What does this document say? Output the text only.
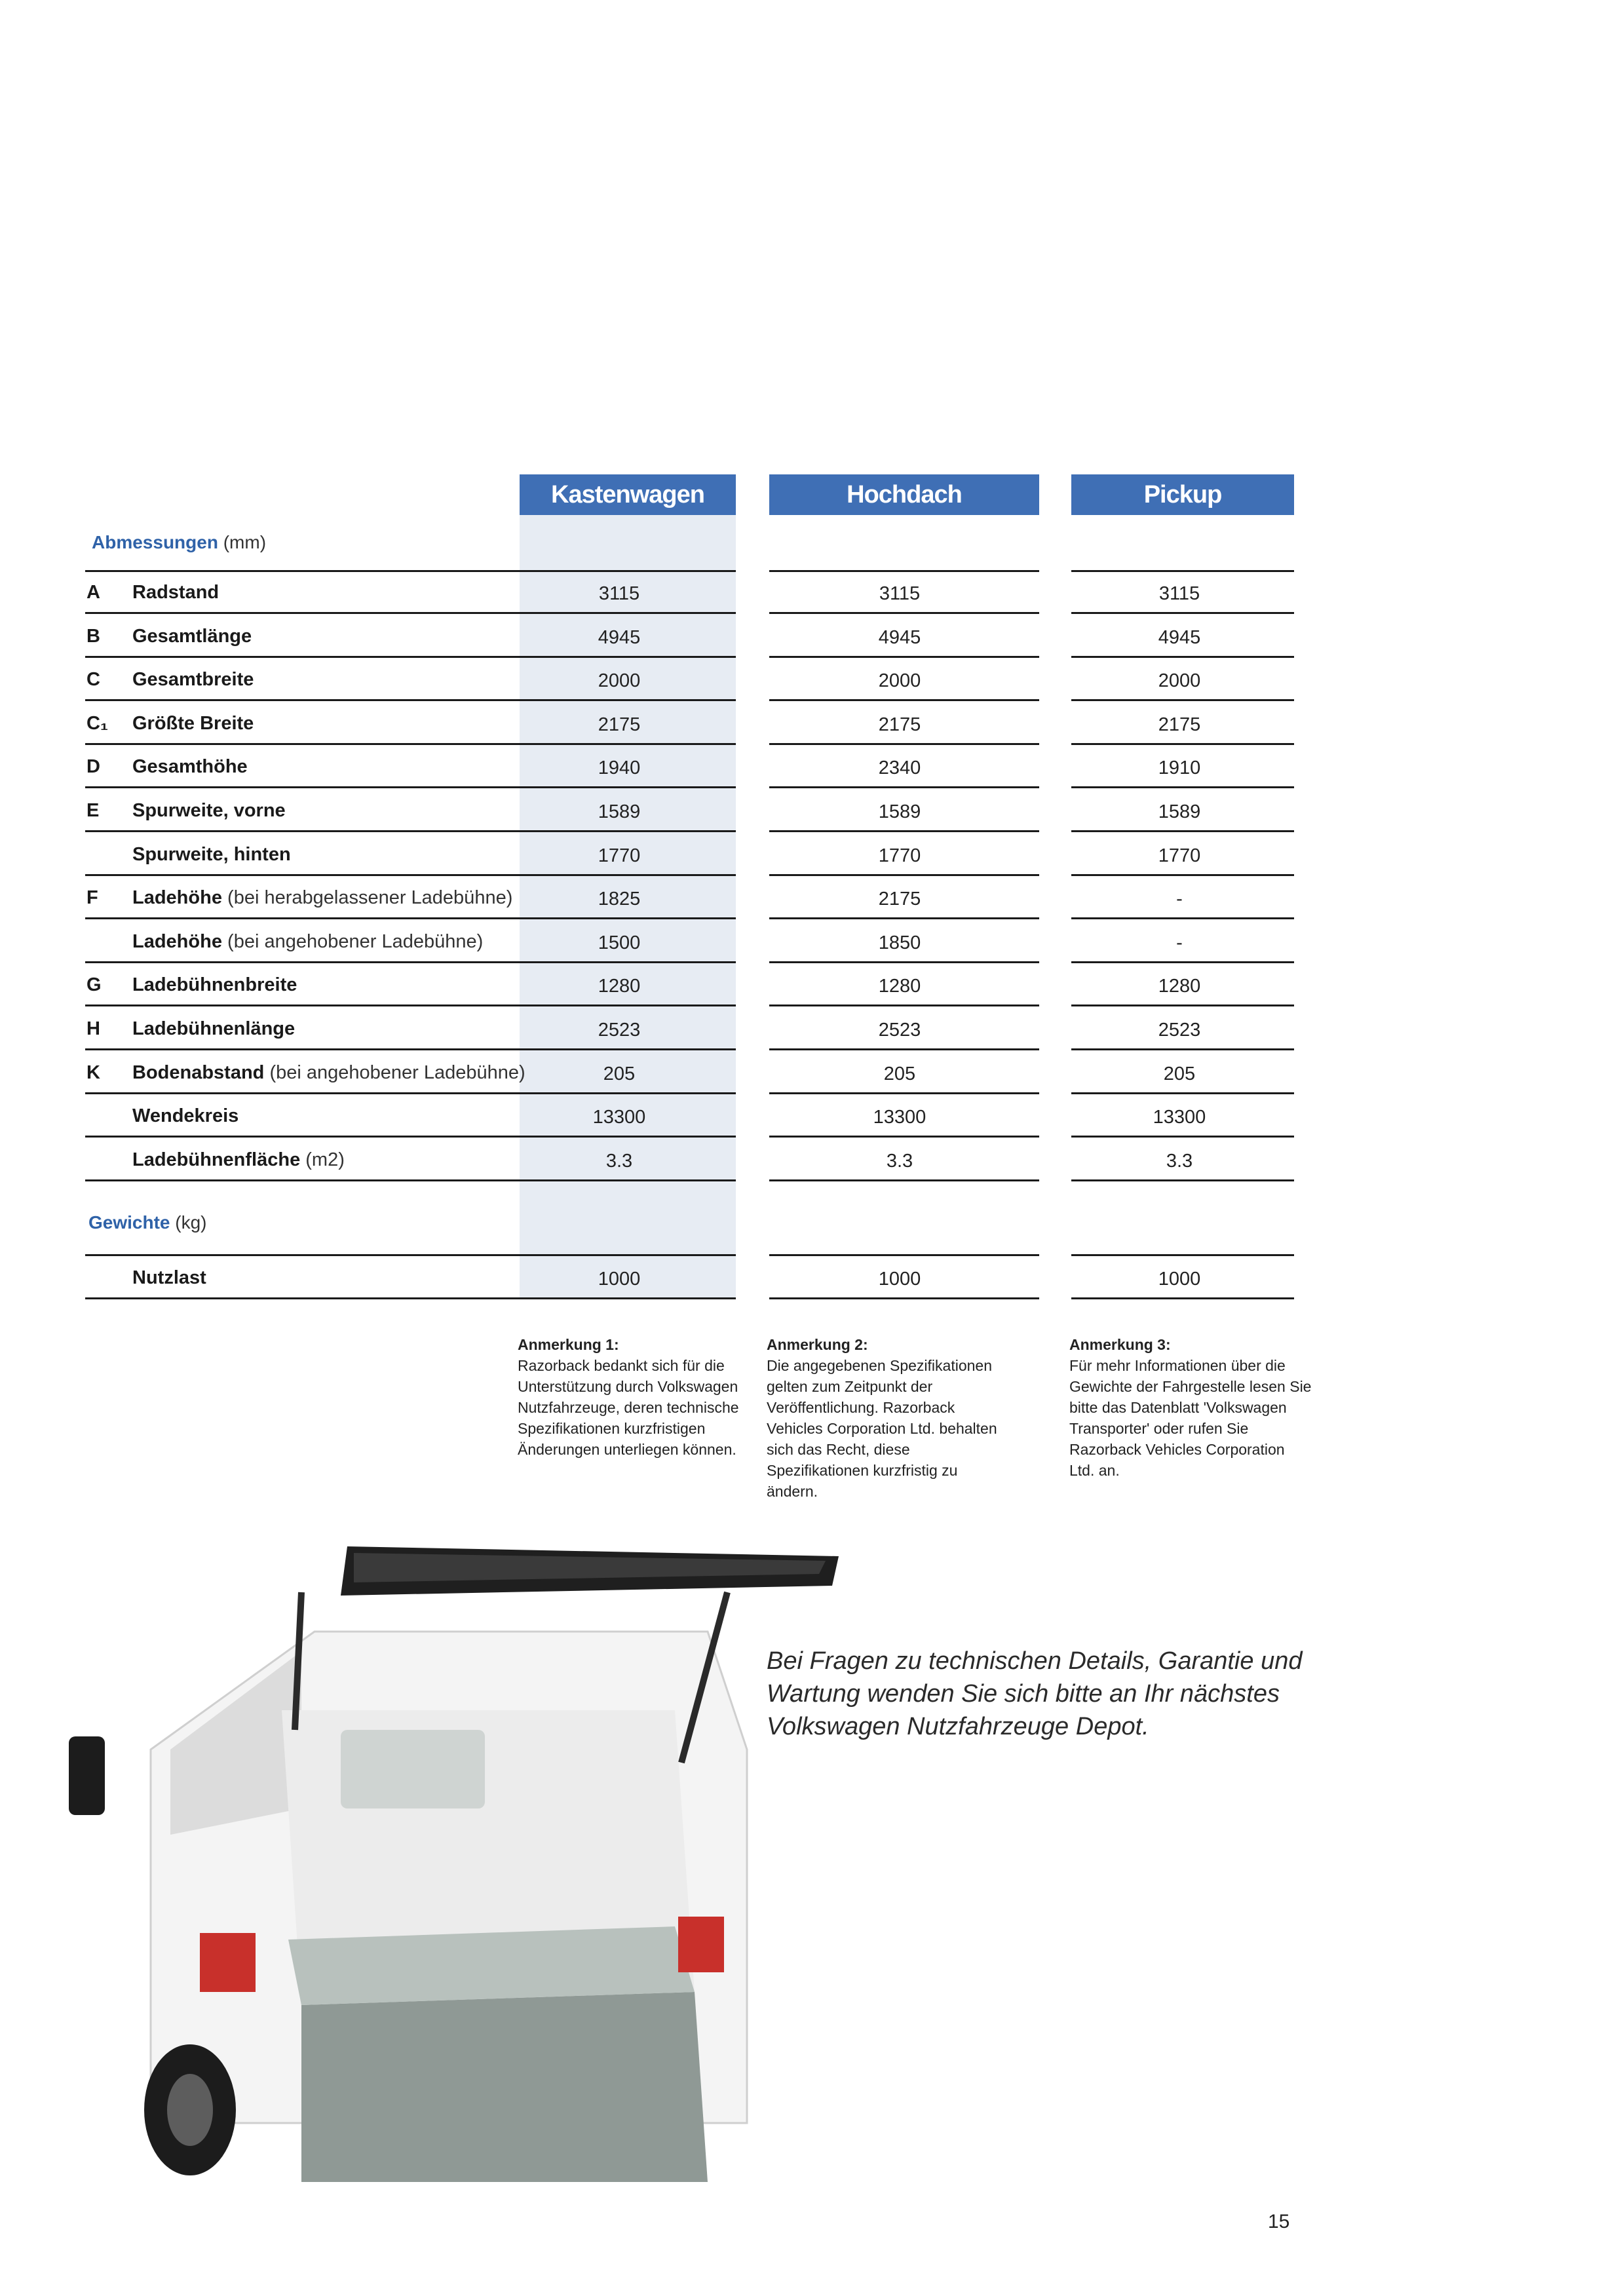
Kastenwagen	Hochdach	Pickup
Abmessungen (mm)
A Radstand	3115	3115	3115
B Gesamtlänge	4945	4945	4945
C Gesamtbreite	2000	2000	2000
C₁ Größte Breite	2175	2175	2175
D Gesamthöhe	1940	2340	1910
E Spurweite, vorne	1589	1589	1589
Spurweite, hinten	1770	1770	1770
F Ladehöhe (bei herabgelassener Ladebühne)	1825	2175	-
Ladehöhe (bei angehobener Ladebühne)	1500	1850	-
G Ladebühnenbreite	1280	1280	1280
H Ladebühnenlänge	2523	2523	2523
K Bodenabstand (bei angehobener Ladebühne)	205	205	205
Wendekreis	13300	13300	13300
Ladebühnenfläche (m2)	3.3	3.3	3.3
Gewichte (kg)
Nutzlast	1000	1000	1000
Anmerkung 1:
Razorback bedankt sich für die Unterstützung durch Volkswagen Nutzfahrzeuge, deren technische Spezifikationen kurzfristigen Änderungen unterliegen können.
Anmerkung 2:
Die angegebenen Spezifikationen gelten zum Zeitpunkt der Veröffentlichung. Razorback Vehicles Corporation Ltd. behalten sich das Recht, diese Spezifikationen kurzfristig zu ändern.
Anmerkung 3:
Für mehr Informationen über die Gewichte der Fahrgestelle lesen Sie bitte das Datenblatt 'Volkswagen Transporter' oder rufen Sie Razorback Vehicles Corporation Ltd. an.
Bei Fragen zu technischen Details, Garantie und Wartung wenden Sie sich bitte an Ihr nächstes Volkswagen Nutzfahrzeuge Depot.
15
